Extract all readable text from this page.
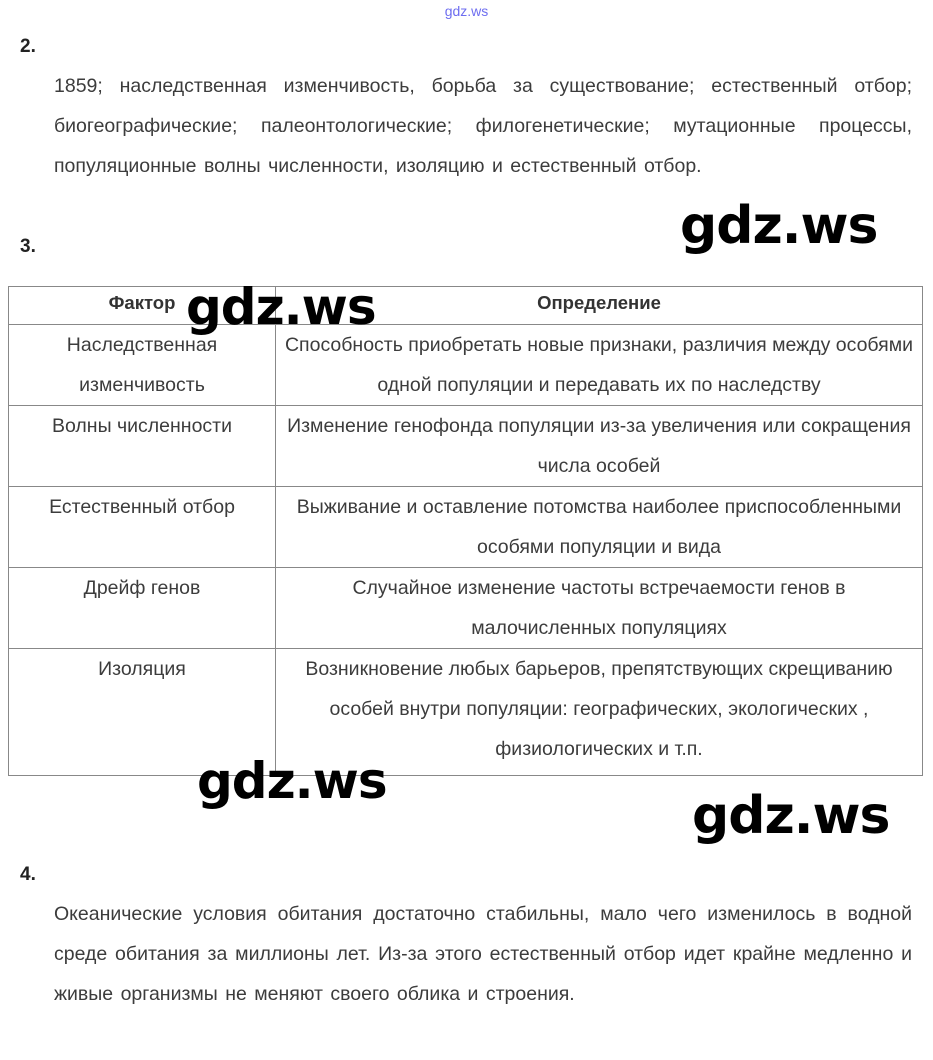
gdz.ws
2.
1859; наследственная изменчивость, борьба за существование; естественный отбор; биогеографические; палеонтологические; филогенетические; мутационные процессы, популяционные волны численности, изоляцию и естественный отбор.
3.
Фактор	Определение
Наследственная изменчивость	Способность приобретать новые признаки, различия между особями одной популяции и передавать их по наследству
Волны численности	Изменение генофонда популяции из-за увеличения или сокращения числа особей
Естественный отбор	Выживание и оставление потомства наиболее приспособленными особями популяции и вида
Дрейф генов	Случайное изменение частоты встречаемости генов в малочисленных популяциях
Изоляция	Возникновение любых барьеров, препятствующих скрещиванию особей внутри популяции: географических, экологических , физиологических и т.п.
4.
Океанические условия обитания достаточно стабильны, мало чего изменилось в водной среде обитания за миллионы лет. Из-за этого естественный отбор идет крайне медленно и живые организмы не меняют своего облика и строения.
gdz.ws
gdz.ws
gdz.ws
gdz.ws
